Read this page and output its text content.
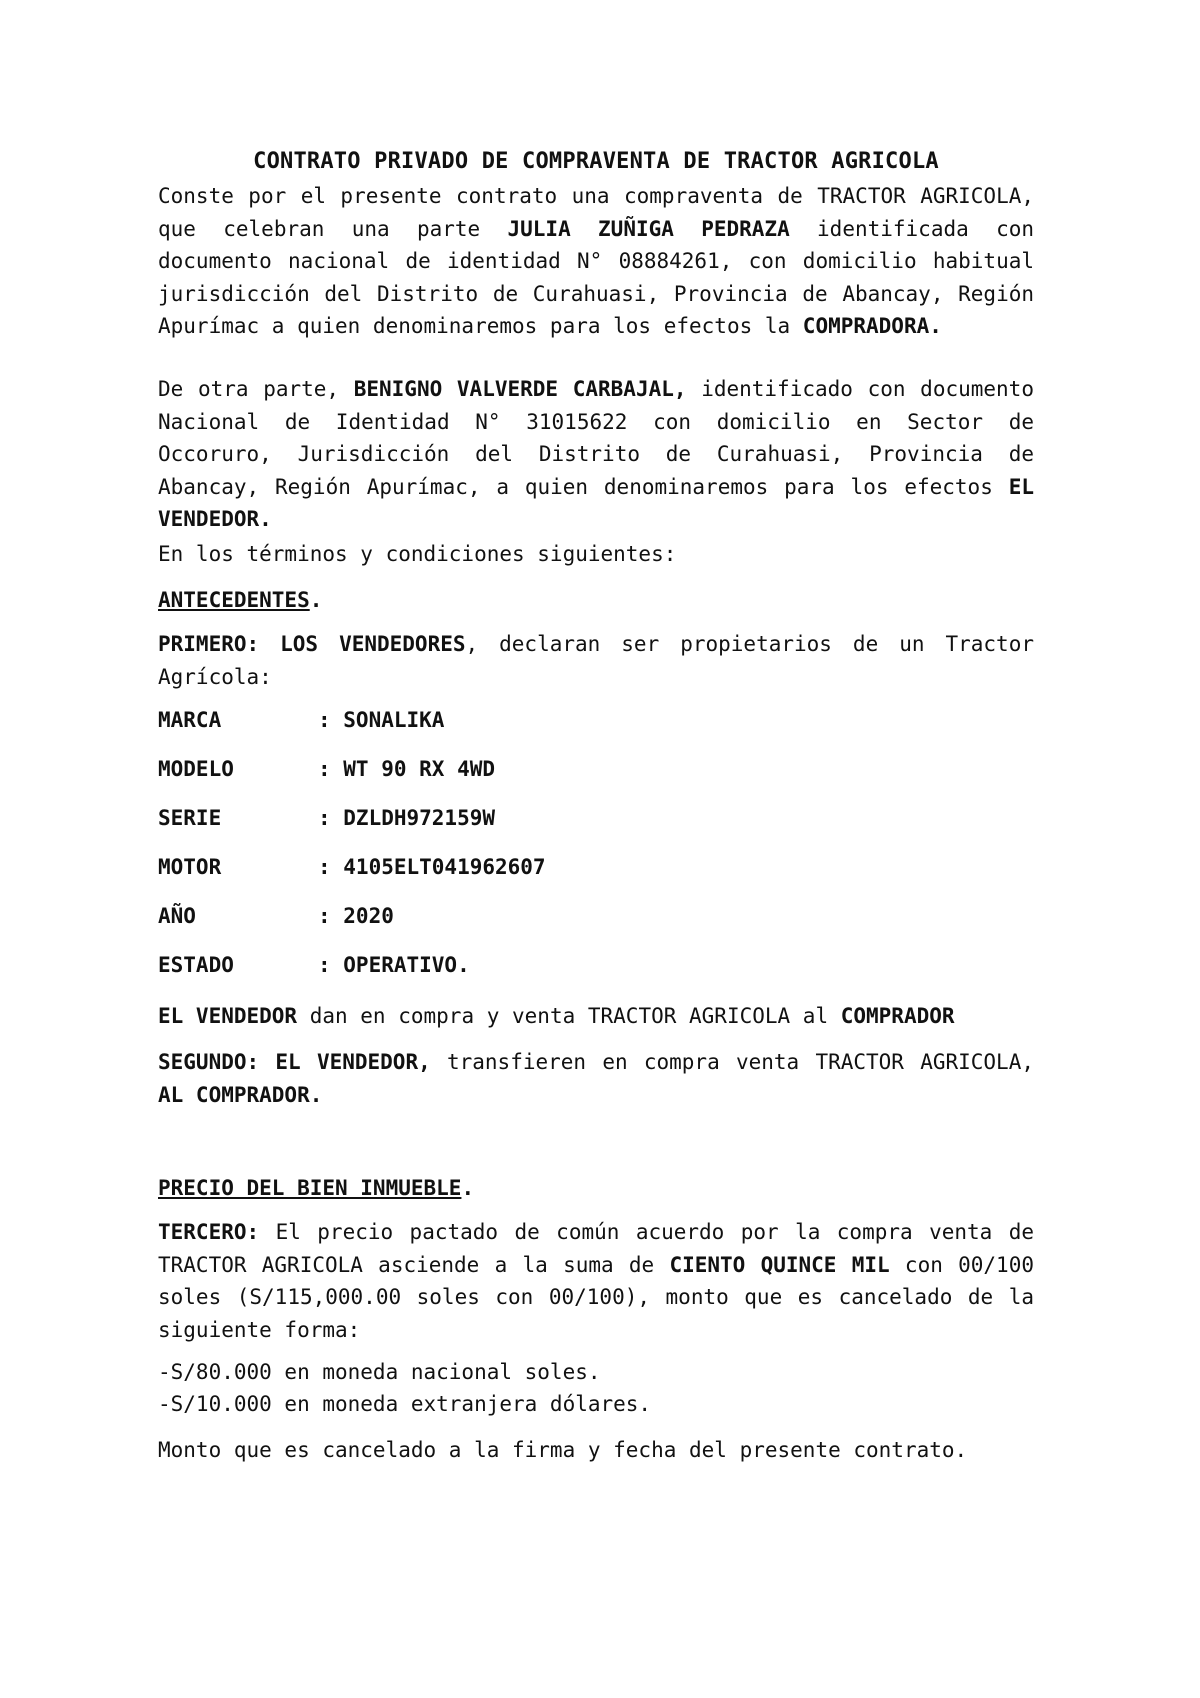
CONTRATO PRIVADO DE COMPRAVENTA DE TRACTOR AGRICOLA
Conste por el presente contrato una compraventa de TRACTOR AGRICOLA, que celebran una parte JULIA ZUÑIGA PEDRAZA identificada con documento nacional de identidad N° 08884261, con domicilio habitual jurisdicción del Distrito de Curahuasi, Provincia de Abancay, Región Apurímac a quien denominaremos para los efectos la COMPRADORA.
De otra parte, BENIGNO VALVERDE CARBAJAL, identificado con documento Nacional de Identidad N° 31015622 con domicilio en Sector de Occoruro, Jurisdicción del Distrito de Curahuasi, Provincia de Abancay, Región Apurímac, a quien denominaremos para los efectos EL VENDEDOR.
En los términos y condiciones siguientes:
ANTECEDENTES.
PRIMERO: LOS VENDEDORES, declaran ser propietarios de un Tractor Agrícola:
MARCA	: SONALIKA
MODELO	: WT 90 RX 4WD
SERIE	: DZLDH972159W
MOTOR	: 4105ELT041962607
AÑO	: 2020
ESTADO	: OPERATIVO.
EL VENDEDOR dan en compra y venta TRACTOR AGRICOLA al COMPRADOR
SEGUNDO: EL VENDEDOR, transfieren en compra venta TRACTOR AGRICOLA, AL COMPRADOR.
PRECIO DEL BIEN INMUEBLE.
TERCERO: El precio pactado de común acuerdo por la compra venta de TRACTOR AGRICOLA asciende a la suma de CIENTO QUINCE MIL con 00/100 soles (S/115,000.00 soles con 00/100), monto que es cancelado de la siguiente forma:
-S/80.000 en moneda nacional soles.
-S/10.000 en moneda extranjera dólares.
Monto que es cancelado a la firma y fecha del presente contrato.
